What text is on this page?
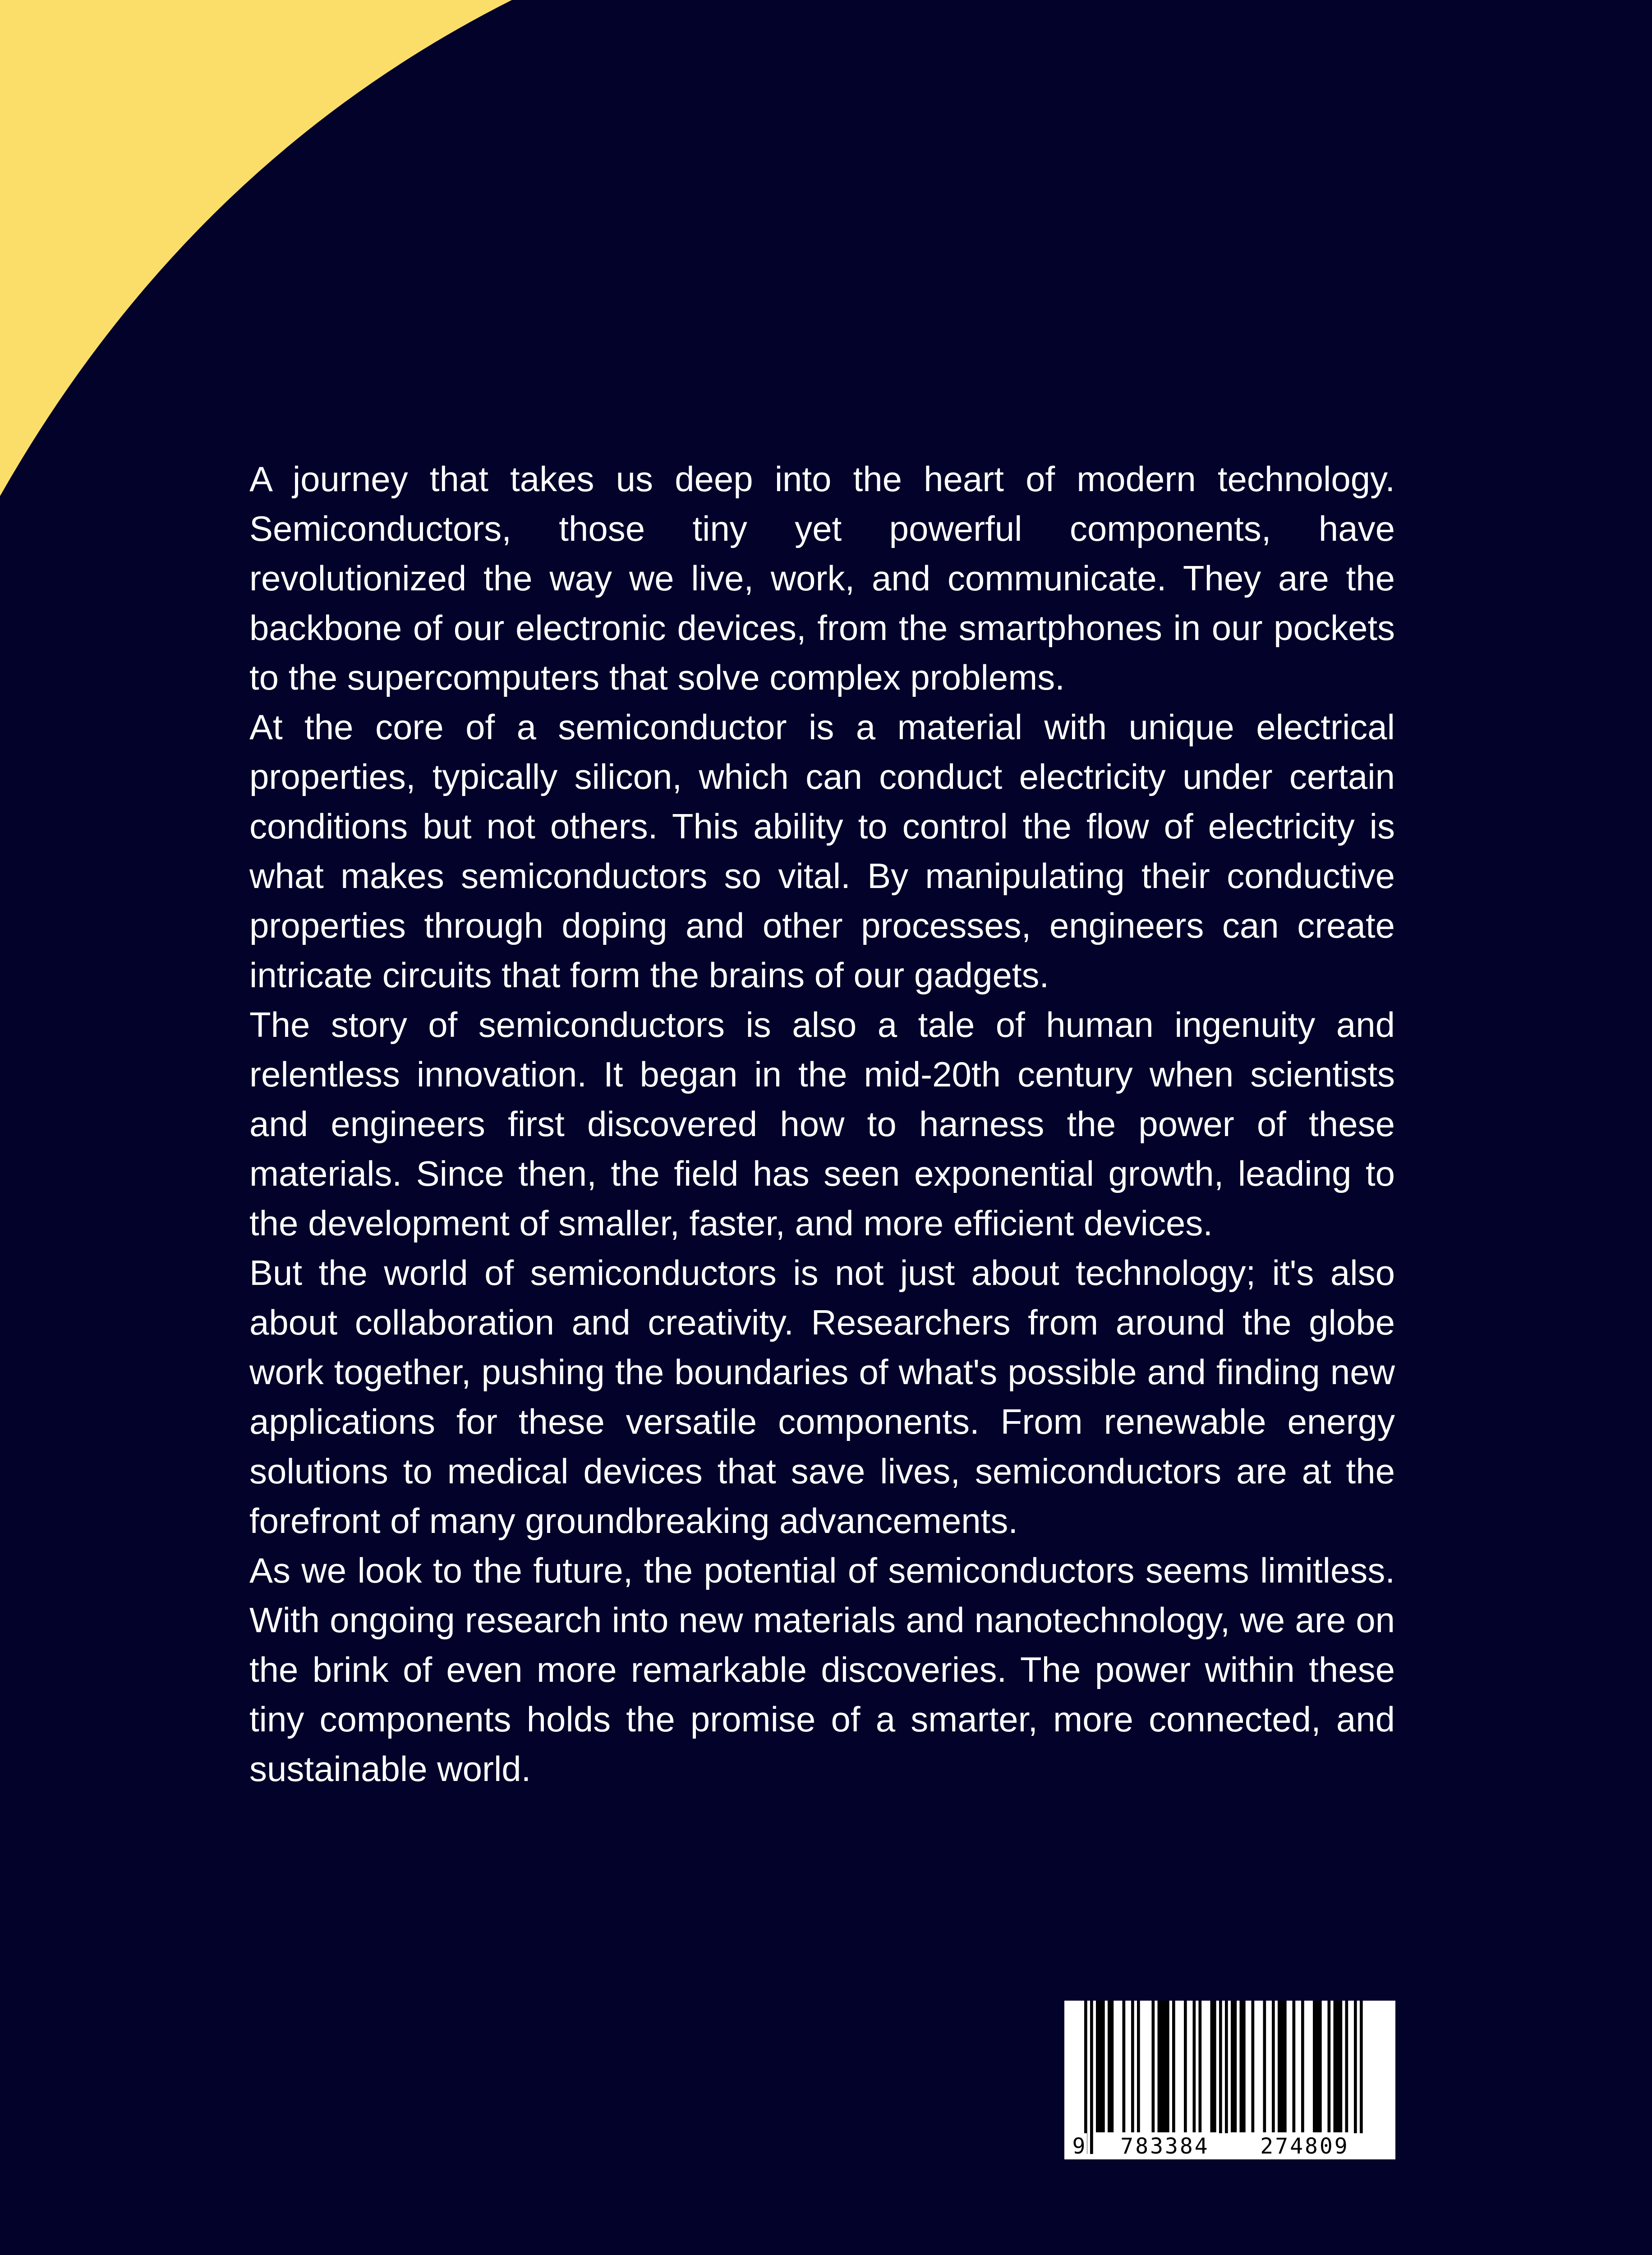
A journey that takes us deep into the heart of modern technology. Semiconductors, those tiny yet powerful components, have revolutionized the way we live, work, and communicate. They are the backbone of our electronic devices, from the smartphones in our pockets to the supercomputers that solve complex problems.

At the core of a semiconductor is a material with unique electrical properties, typically silicon, which can conduct electricity under certain conditions but not others. This ability to control the flow of electricity is what makes semiconductors so vital. By manipulating their conductive properties through doping and other processes, engineers can create intricate circuits that form the brains of our gadgets.

The story of semiconductors is also a tale of human ingenuity and relentless innovation. It began in the mid-20th century when scientists and engineers first discovered how to harness the power of these materials. Since then, the field has seen exponential growth, leading to the development of smaller, faster, and more efficient devices.

But the world of semiconductors is not just about technology; it's also about collaboration and creativity. Researchers from around the globe work together, pushing the boundaries of what's possible and finding new applications for these versatile components. From renewable energy solutions to medical devices that save lives, semiconductors are at the forefront of many groundbreaking advancements.

As we look to the future, the potential of semiconductors seems limitless. With ongoing research into new materials and nanotechnology, we are on the brink of even more remarkable discoveries. The power within these tiny components holds the promise of a smarter, more connected, and sustainable world.

9	783384	274809
